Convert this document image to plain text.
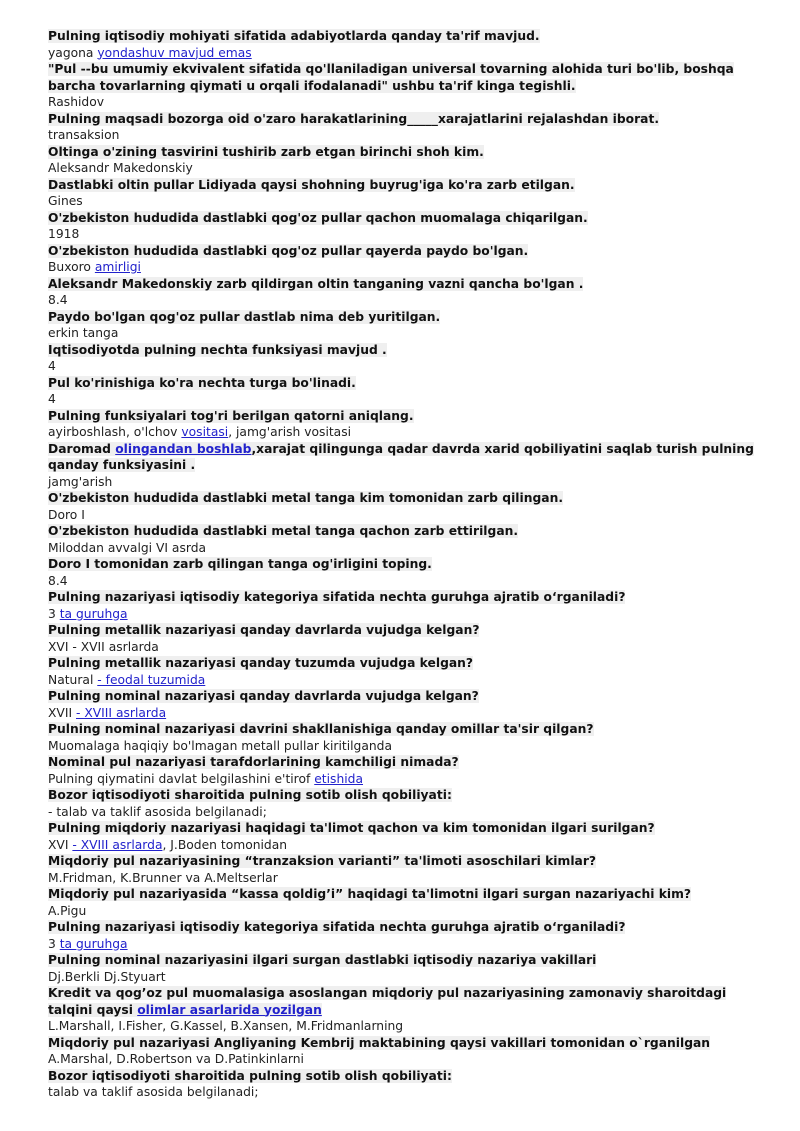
Pulning iqtisodiy mohiyati sifatida adabiyotlarda qanday ta'rif mavjud.
yagona yondashuv mavjud emas
"Pul --bu umumiy ekvivalent sifatida qo'llaniladigan universal tovarning alohida turi bo'lib, boshqa barcha tovarlarning qiymati u orqali ifodalanadi" ushbu ta'rif kinga tegishli.
Rashidov
Pulning maqsadi bozorga oid o'zaro harakatlarining_____xarajatlarini rejalashdan iborat.
transaksion
Oltinga o'zining tasvirini tushirib zarb etgan birinchi shoh kim.
Aleksandr Makedonskiy
Dastlabki oltin pullar Lidiyada qaysi shohning buyrug'iga ko'ra zarb etilgan.
Gines
O'zbekiston hududida dastlabki qog'oz pullar qachon muomalaga chiqarilgan.
1918
O'zbekiston hududida dastlabki qog'oz pullar qayerda paydo bo'lgan.
Buxoro amirligi
Aleksandr Makedonskiy zarb qildirgan oltin tanganing vazni qancha bo'lgan .
8.4
Paydo bo'lgan qog'oz pullar dastlab nima deb yuritilgan.
erkin tanga
Iqtisodiyotda pulning nechta funksiyasi mavjud .
4
Pul ko'rinishiga ko'ra nechta turga bo'linadi.
4
Pulning funksiyalari tog'ri berilgan qatorni aniqlang.
ayirboshlash, o'lchov vositasi, jamg'arish vositasi
Daromad olingandan boshlab,xarajat qilingunga qadar davrda xarid qobiliyatini saqlab turish pulning qanday funksiyasini .
jamg'arish
O'zbekiston hududida dastlabki metal tanga kim tomonidan zarb qilingan.
Doro I
O'zbekiston hududida dastlabki metal tanga qachon zarb ettirilgan.
Miloddan avvalgi VI asrda
Doro I tomonidan zarb qilingan tanga og'irligini toping.
8.4
Pulning nazariyasi iqtisodiy kategoriya sifatida nechta guruhga ajratib o‘rganiladi?
3 ta guruhga
Pulning metallik nazariyasi qanday davrlarda vujudga kelgan?
XVI - XVII asrlarda
Pulning metallik nazariyasi qanday tuzumda vujudga kelgan?
Natural - feodal tuzumida
Pulning nominal nazariyasi qanday davrlarda vujudga kelgan?
XVII - XVIII asrlarda
Pulning nominal nazariyasi davrini shakllanishiga qanday omillar ta'sir qilgan?
Muomalaga haqiqiy bo'lmagan metall pullar kiritilganda
Nominal pul nazariyasi tarafdorlarining kamchiligi nimada?
Pulning qiymatini davlat belgilashini e'tirof etishida
Bozor iqtisodiyoti sharoitida pulning sotib olish qobiliyati:
- talab va taklif asosida belgilanadi;
Pulning miqdoriy nazariyasi haqidagi ta'limot qachon va kim tomonidan ilgari surilgan?
XVI - XVIII asrlarda, J.Boden tomonidan
Miqdoriy pul nazariyasining “tranzaksion varianti” ta'limoti asoschilari kimlar?
M.Fridman, K.Brunner va A.Meltserlar
Miqdoriy pul nazariyasida “kassa qoldig’i” haqidagi ta'limotni ilgari surgan nazariyachi kim?
A.Pigu
Pulning nazariyasi iqtisodiy kategoriya sifatida nechta guruhga ajratib o‘rganiladi?
3 ta guruhga
Pulning nominal nazariyasini ilgari surgan dastlabki iqtisodiy nazariya vakillari
Dj.Berkli Dj.Styuart
Kredit va qog’oz pul muomalasiga asoslangan miqdoriy pul nazariyasining zamonaviy sharoitdagi talqini qaysi olimlar asarlarida yozilgan
L.Marshall, I.Fisher, G.Kassel, B.Xansen, M.Fridmanlarning
Miqdoriy pul nazariyasi Angliyaning Kembrij maktabining qaysi vakillari tomonidan o`rganilgan
A.Marshal, D.Robertson va D.Patinkinlarni
Bozor iqtisodiyoti sharoitida pulning sotib olish qobiliyati:
talab va taklif asosida belgilanadi;
